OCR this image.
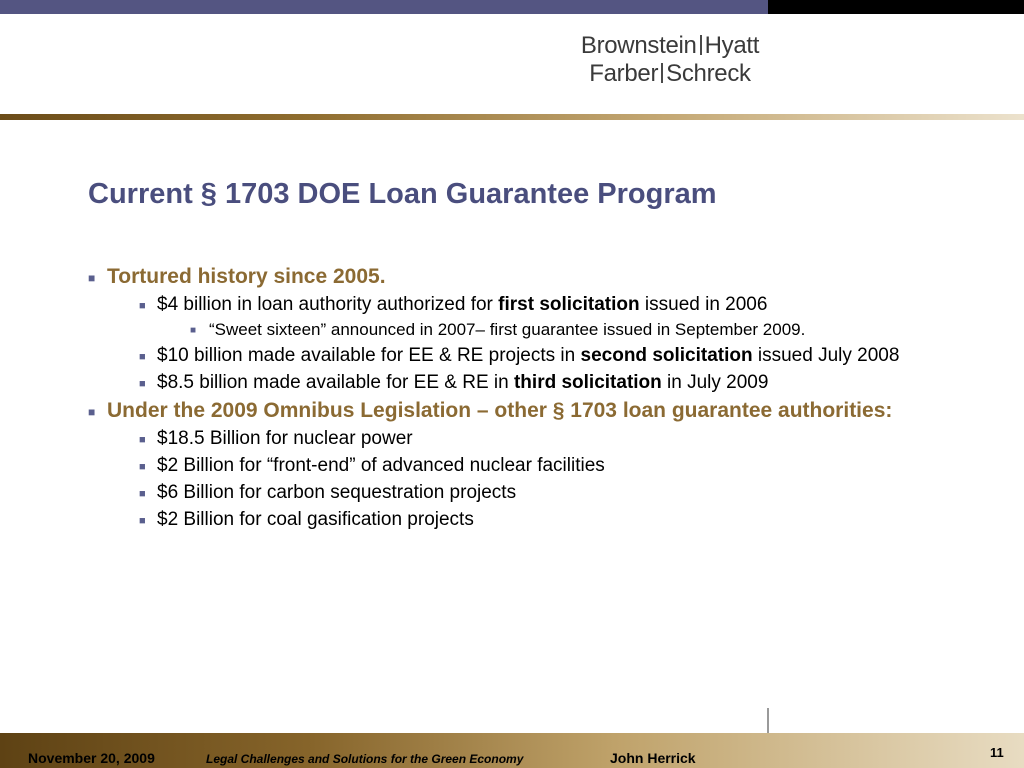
Brownstein Hyatt
Farber Schreck
Current § 1703 DOE Loan Guarantee Program
■ Tortured history since 2005.
■ $4 billion in loan authority authorized for first solicitation issued in 2006
■ “Sweet sixteen” announced in 2007– first guarantee issued in September 2009.
■ $10 billion made available for EE & RE projects in second solicitation issued July 2008
■ $8.5 billion made available for EE & RE in third solicitation in July 2009
■ Under the 2009 Omnibus Legislation – other § 1703 loan guarantee authorities:
■ $18.5 Billion for nuclear power
■ $2 Billion for “front-end” of advanced nuclear facilities
■ $6 Billion for carbon sequestration projects
■ $2 Billion for coal gasification projects
November 20, 2009	Legal Challenges and Solutions for the Green Economy	John Herrick	11
